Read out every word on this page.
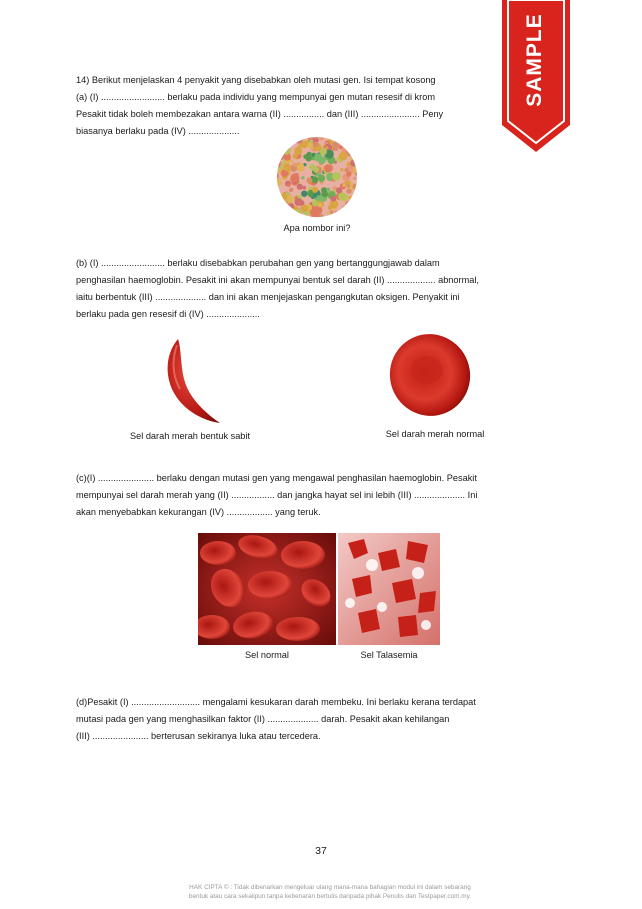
SAMPLE
14) Berikut menjelaskan 4 penyakit yang disebabkan oleh mutasi gen. Isi tempat kosong
(a) (I) ......................... berlaku pada individu yang mempunyai gen mutan resesif di krom
Pesakit tidak boleh membezakan antara warna (II) ................ dan (III) ....................... Peny
biasanya berlaku pada (IV) ....................
Apa nombor ini?
(b) (I) ......................... berlaku disebabkan perubahan gen yang bertanggungjawab dalam
penghasilan haemoglobin. Pesakit ini akan mempunyai bentuk sel darah (II) ................... abnormal,
iaitu berbentuk (III) .................... dan ini akan menjejaskan pengangkutan oksigen. Penyakit ini
berlaku pada gen resesif di (IV) .....................
Sel darah merah bentuk sabit	Sel darah merah normal
(c)(I) ...................... berlaku dengan mutasi gen yang mengawal penghasilan haemoglobin. Pesakit
mempunyai sel darah merah yang (II) ................. dan jangka hayat sel ini lebih (III) .................... Ini
akan menyebabkan kekurangan (IV) .................. yang teruk.
Sel normal	Sel Talasemia
(d)Pesakit (I) ........................... mengalami kesukaran darah membeku. Ini berlaku kerana terdapat
mutasi pada gen yang menghasilkan faktor (II) .................... darah. Pesakit akan kehilangan
(III) ...................... berterusan sekiranya luka atau tercedera.
37
HAK CIPTA © : Tidak dibenarkan mengeluar ulang mana-mana bahagian modul ini dalam sebarang
bentuk atau cara sekalipun tanpa kebenaran bertulis daripada pihak Penulis dan Testpaper.com.my.
